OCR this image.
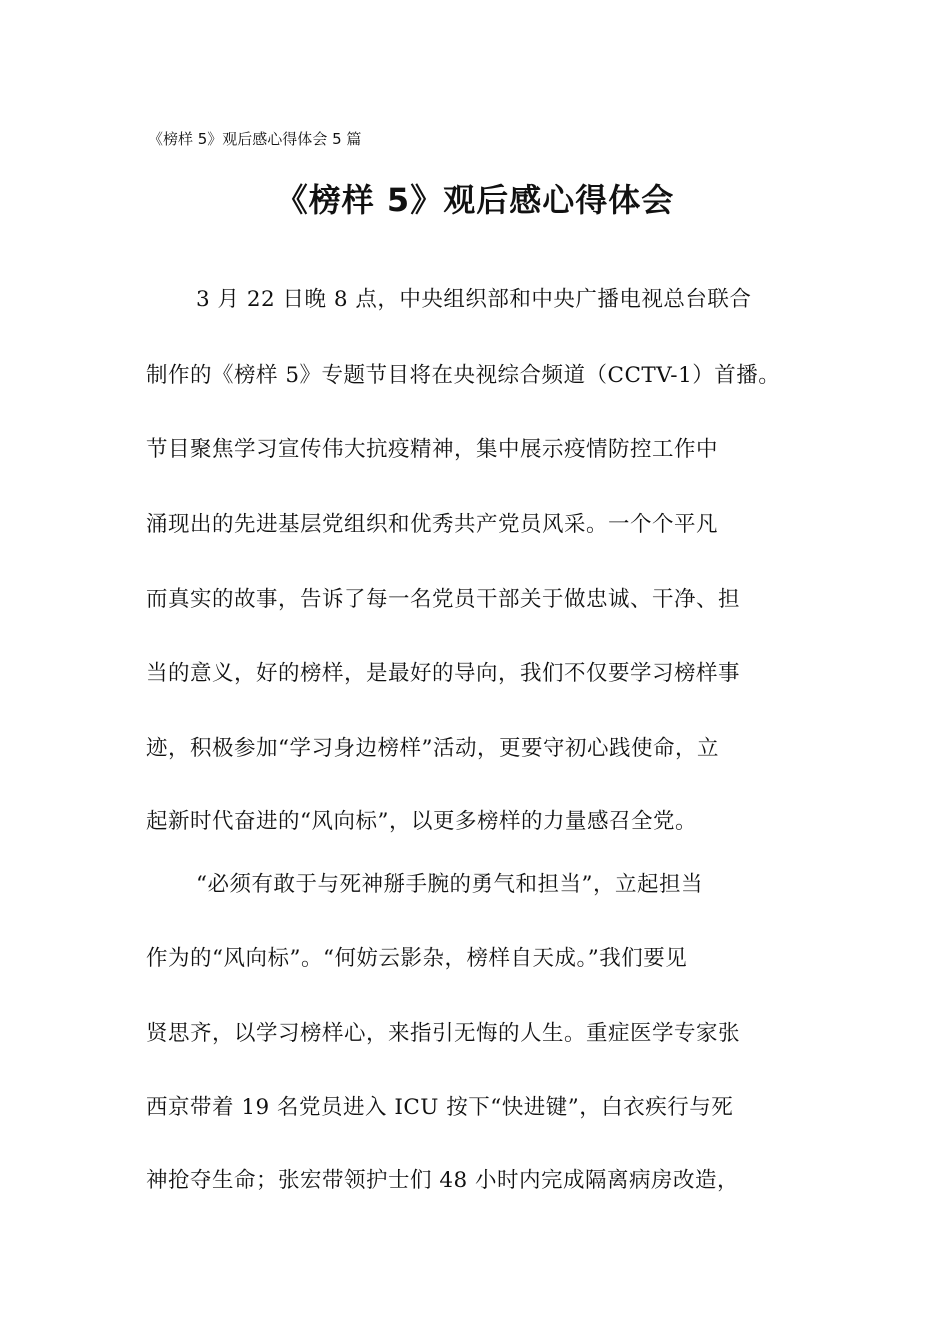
《榜样 5》观后感心得体会 5 篇
《榜样 5》观后感心得体会
3 月 22 日晚 8 点，中央组织部和中央广播电视总台联合
制作的《榜样 5》专题节目将在央视综合频道（CCTV-1）首播。
节目聚焦学习宣传伟大抗疫精神，集中展示疫情防控工作中
涌现出的先进基层党组织和优秀共产党员风采。一个个平凡
而真实的故事，告诉了每一名党员干部关于做忠诚、干净、担
当的意义，好的榜样，是最好的导向，我们不仅要学习榜样事
迹，积极参加“学习身边榜样”活动，更要守初心践使命，立
起新时代奋进的“风向标”，以更多榜样的力量感召全党。
“必须有敢于与死神掰手腕的勇气和担当”，立起担当
作为的“风向标”。“何妨云影杂，榜样自天成。”我们要见
贤思齐，以学习榜样心，来指引无悔的人生。重症医学专家张
西京带着 19 名党员进入 ICU 按下“快进键”，白衣疾行与死
神抢夺生命；张宏带领护士们 48 小时内完成隔离病房改造，
